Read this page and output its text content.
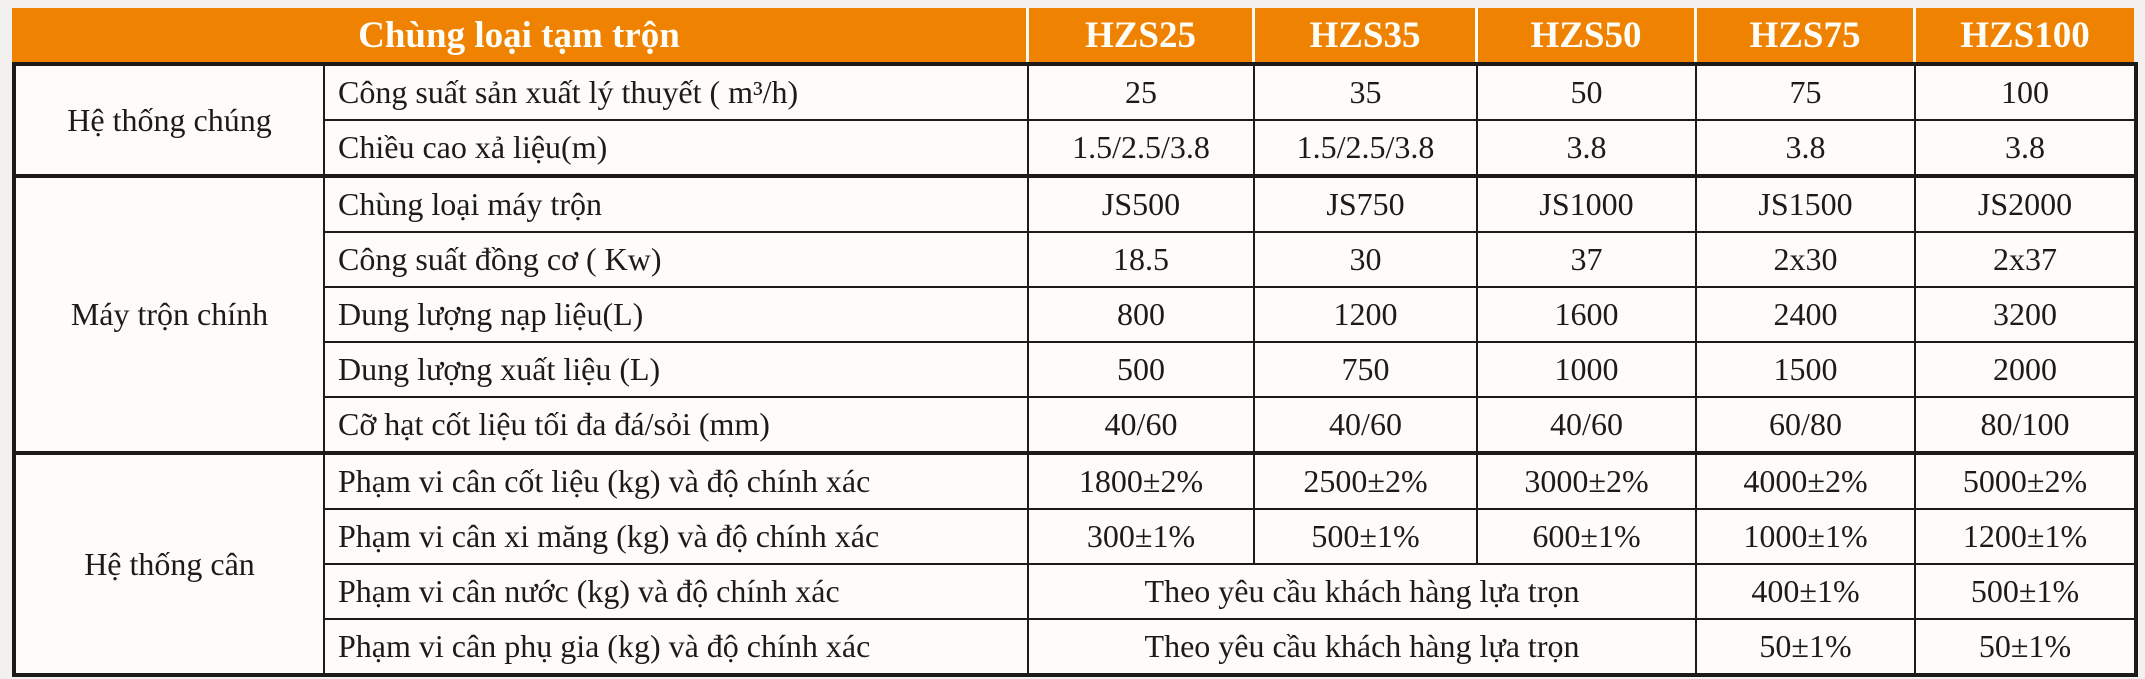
Chùng loại tạm trộn	HZS25	HZS35	HZS50	HZS75	HZS100
Hệ thống chúng	Công suất sản xuất lý thuyết ( m³/h)	25	35	50	75	100
	Chiều cao xả liệu(m)	1.5/2.5/3.8	1.5/2.5/3.8	3.8	3.8	3.8
Máy trộn chính	Chùng loại máy trộn	JS500	JS750	JS1000	JS1500	JS2000
	Công suất đồng cơ ( Kw)	18.5	30	37	2x30	2x37
	Dung lượng nạp liệu(L)	800	1200	1600	2400	3200
	Dung lượng xuất liệu (L)	500	750	1000	1500	2000
	Cỡ hạt cốt liệu tối đa đá/sỏi (mm)	40/60	40/60	40/60	60/80	80/100
Hệ thống cân	Phạm vi cân cốt liệu (kg) và độ chính xác	1800±2%	2500±2%	3000±2%	4000±2%	5000±2%
	Phạm vi cân xi măng (kg) và độ chính xác	300±1%	500±1%	600±1%	1000±1%	1200±1%
	Phạm vi cân nước (kg) và độ chính xác	Theo yêu cầu khách hàng lựa trọn			400±1%	500±1%
	Phạm vi cân phụ gia (kg) và độ chính xác	Theo yêu cầu khách hàng lựa trọn			50±1%	50±1%
